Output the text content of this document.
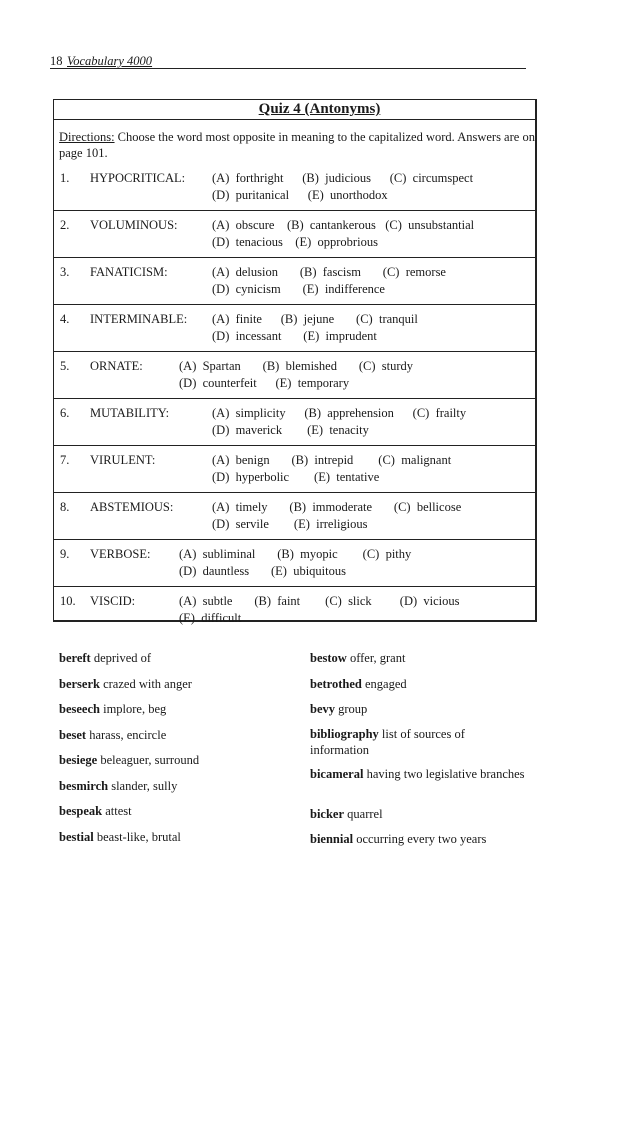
18 Vocabulary 4000
Quiz 4 (Antonyms)
Directions: Choose the word most opposite in meaning to the capitalized word. Answers are on page 101.
1. HYPOCRITICAL: (A)  forthright      (B)  judicious      (C)  circumspect
(D)  puritanical      (E)  unorthodox
2. VOLUMINOUS:	(A)  obscure    (B)  cantankerous   (C)  unsubstantial
(D)  tenacious    (E)  opprobrious
3. FANATICISM:	(A)  delusion       (B)  fascism       (C)  remorse
(D)  cynicism       (E)  indifference
4. INTERMINABLE: (A)  finite      (B)  jejune       (C)  tranquil
(D)  incessant       (E)  imprudent
5. ORNATE:	(A)  Spartan       (B)  blemished       (C)  sturdy
(D)  counterfeit      (E)  temporary
6. MUTABILITY:	(A)  simplicity      (B)  apprehension      (C)  frailty
(D)  maverick        (E)  tenacity
7. VIRULENT:	(A)  benign       (B)  intrepid        (C)  malignant
(D)  hyperbolic        (E)  tentative
8. ABSTEMIOUS:	(A)  timely       (B)  immoderate       (C)  bellicose
(D)  servile        (E)  irreligious
9. VERBOSE: (A)  subliminal       (B)  myopic        (C)  pithy
(D)  dauntless       (E)  ubiquitous
10. VISCID:	(A)  subtle       (B)  faint        (C)  slick         (D)  vicious
(E)  difficult
bereft deprived of
berserk crazed with anger
beseech implore, beg
beset harass, encircle
besiege beleaguer, surround
besmirch slander, sully
bespeak attest
bestial beast-like, brutal
bestow offer, grant
betrothed engaged
bevy group
bibliography list of sources of information
bicameral having two legislative branches
bicker quarrel
biennial occurring every two years
